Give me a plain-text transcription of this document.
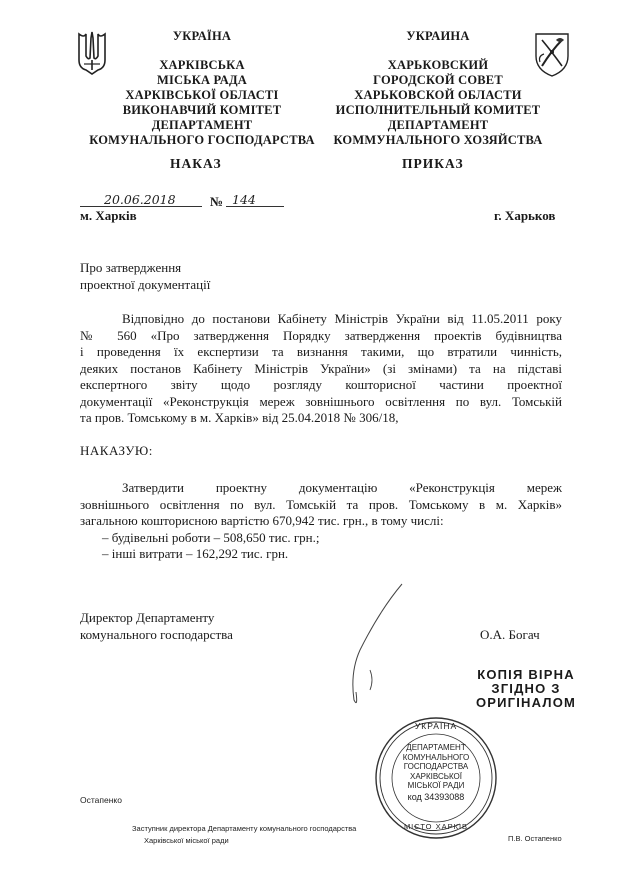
УКРАЇНА
ХАРКІВСЬКА
МІСЬКА РАДА
ХАРКІВСЬКОЇ ОБЛАСТІ
ВИКОНАВЧИЙ КОМІТЕТ
ДЕПАРТАМЕНТ
КОМУНАЛЬНОГО ГОСПОДАРСТВА
УКРАИНА
ХАРЬКОВСКИЙ
ГОРОДСКОЙ СОВЕТ
ХАРЬКОВСКОЙ ОБЛАСТИ
ИСПОЛНИТЕЛЬНЫЙ КОМИТЕТ
ДЕПАРТАМЕНТ
КОММУНАЛЬНОГО ХОЗЯЙСТВА
НАКАЗ	ПРИКАЗ
20.06.2018	№ 144
м. Харків	г. Харьков
Про затвердження
проектної документації
Відповідно до постанови Кабінету Міністрів України від 11.05.2011 року
№ 560 «Про затвердження Порядку затвердження проектів будівництва
і проведення їх експертизи та визнання такими, що втратили чинність,
деяких постанов Кабінету Міністрів України» (зі змінами) та на підставі
експертного звіту щодо розгляду кошторисної частини проектної
документації «Реконструкція мереж зовнішнього освітлення по вул. Томській
та пров. Томському в м. Харків» від 25.04.2018 № 306/18,
НАКАЗУЮ:
Затвердити проектну документацію «Реконструкція мереж
зовнішнього освітлення по вул. Томській та пров. Томському в м. Харків»
загальною кошторисною вартістю 670,942 тис. грн., в тому числі:
– будівельні роботи – 508,650 тис. грн.;
– інші витрати – 162,292 тис. грн.
Директор Департаменту
комунального господарства	О.А. Богач
КОПІЯ ВІРНА
ЗГІДНО З
ОРИГІНАЛОМ
УКРАЇНА
ДЕПАРТАМЕНТ
КОМУНАЛЬНОГО
ГОСПОДАРСТВА
ХАРКІВСЬКОЇ
МІСЬКОЇ РАДИ
код 34393088
МІСТО ХАРКІВ
Остапенко
Заступник директора Департаменту комунального господарства
Харківської міської ради	П.В. Остапенко
